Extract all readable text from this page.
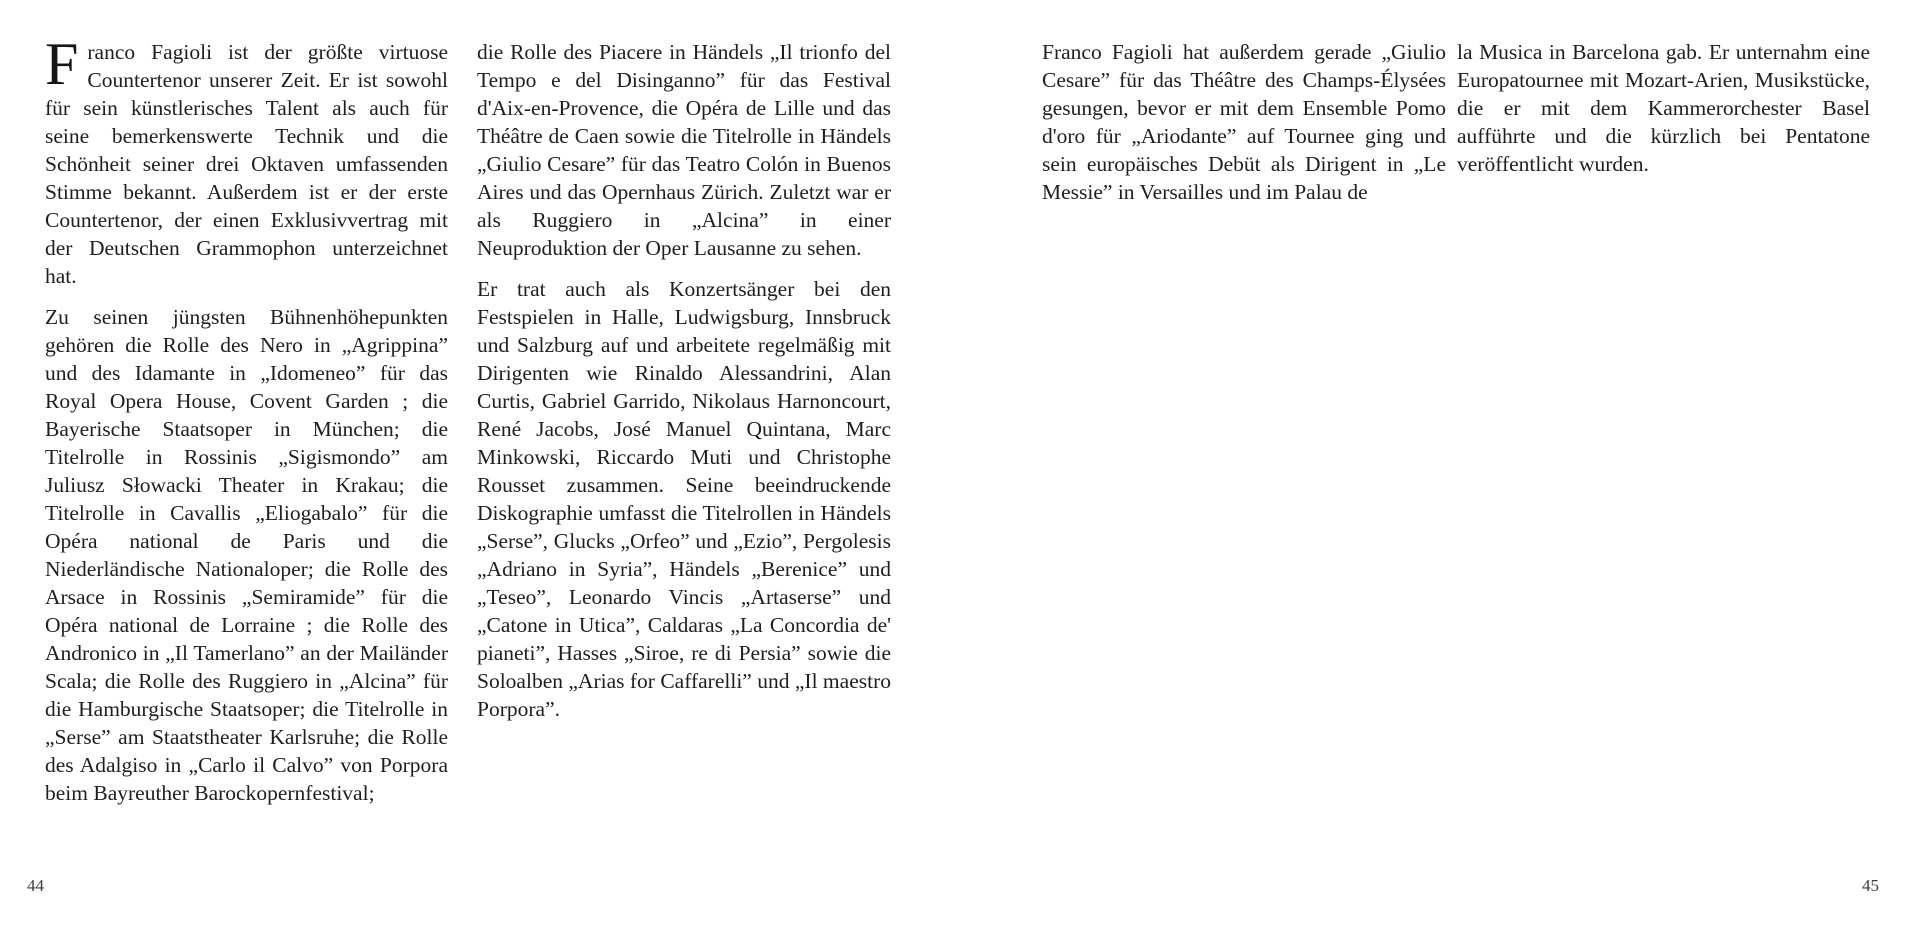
Franco Fagioli ist der größte virtuose Countertenor unserer Zeit. Er ist sowohl für sein künstlerisches Talent als auch für seine bemerkenswerte Technik und die Schönheit seiner drei Oktaven umfassenden Stimme bekannt. Außerdem ist er der erste Countertenor, der einen Exklusivvertrag mit der Deutschen Grammophon unterzeichnet hat.

Zu seinen jüngsten Bühnenhöhepunkten gehören die Rolle des Nero in „Agrippina” und des Idamante in „Idomeneo” für das Royal Opera House, Covent Garden ; die Bayerische Staatsoper in München; die Titelrolle in Rossinis „Sigismondo” am Juliusz Słowacki Theater in Krakau; die Titelrolle in Cavallis „Eliogabalo” für die Opéra national de Paris und die Niederländische Nationaloper; die Rolle des Arsace in Rossinis „Semiramide” für die Opéra national de Lorraine ; die Rolle des Andronico in „Il Tamerlano” an der Mailänder Scala; die Rolle des Ruggiero in „Alcina” für die Hamburgische Staatsoper; die Titelrolle in „Serse” am Staatstheater Karlsruhe; die Rolle des Adalgiso in „Carlo il Calvo” von Porpora beim Bayreuther Barockopernfestival;

die Rolle des Piacere in Händels „Il trionfo del Tempo e del Disinganno” für das Festival d'Aix-en-Provence, die Opéra de Lille und das Théâtre de Caen sowie die Titelrolle in Händels „Giulio Cesare” für das Teatro Colón in Buenos Aires und das Opernhaus Zürich. Zuletzt war er als Ruggiero in „Alcina” in einer Neuproduktion der Oper Lausanne zu sehen.

Er trat auch als Konzertsänger bei den Festspielen in Halle, Ludwigsburg, Innsbruck und Salzburg auf und arbeitete regelmäßig mit Dirigenten wie Rinaldo Alessandrini, Alan Curtis, Gabriel Garrido, Nikolaus Harnoncourt, René Jacobs, José Manuel Quintana, Marc Minkowski, Riccardo Muti und Christophe Rousset zusammen. Seine beeindruckende Diskographie umfasst die Titelrollen in Händels „Serse”, Glucks „Orfeo” und „Ezio”, Pergolesis „Adriano in Syria”, Händels „Berenice” und „Teseo”, Leonardo Vincis „Artaserse” und „Catone in Utica”, Caldaras „La Concordia de' pianeti”, Hasses „Siroe, re di Persia” sowie die Soloalben „Arias for Caffarelli” und „Il maestro Porpora”.

44

Franco Fagioli hat außerdem gerade „Giulio Cesare” für das Théâtre des Champs-Élysées gesungen, bevor er mit dem Ensemble Pomo d'oro für „Ariodante” auf Tournee ging und sein europäisches Debüt als Dirigent in „Le Messie” in Versailles und im Palau de

la Musica in Barcelona gab. Er unternahm eine Europatournee mit Mozart-Arien, Musikstücke, die er mit dem Kammerorchester Basel aufführte und die kürzlich bei Pentatone veröffentlicht wurden.

45
